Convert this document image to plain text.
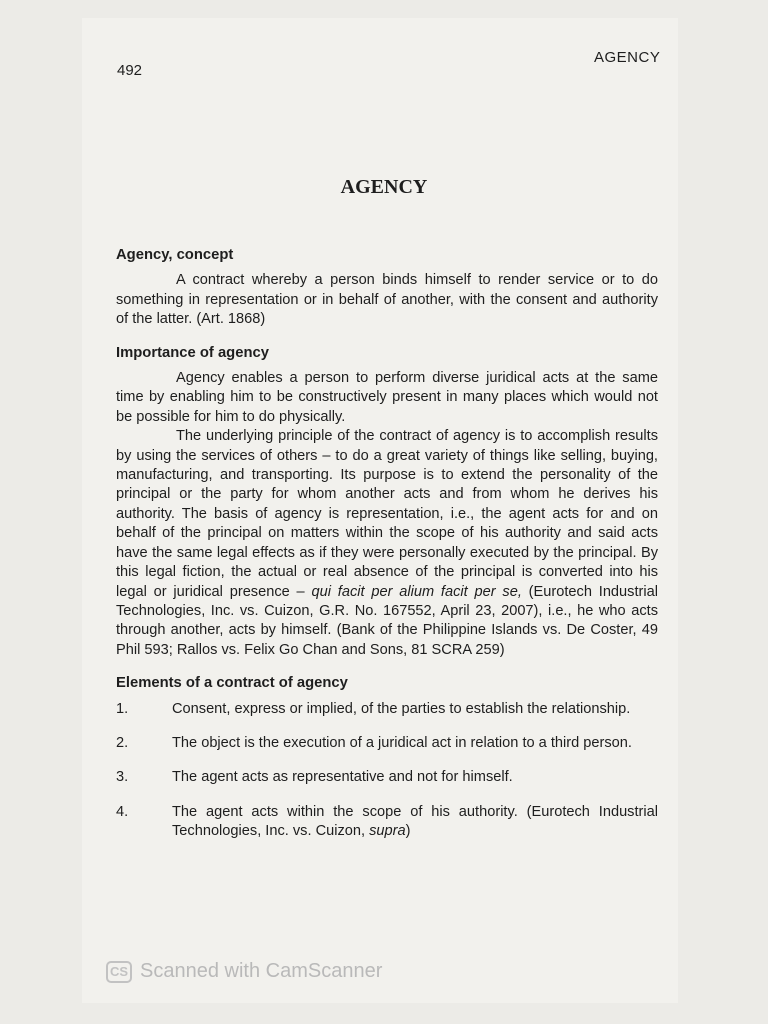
492
AGENCY
AGENCY
Agency, concept

A contract whereby a person binds himself to render service or to do something in representation or in behalf of another, with the consent and authority of the latter. (Art. 1868)

Importance of agency

Agency enables a person to perform diverse juridical acts at the same time by enabling him to be constructively present in many places which would not be possible for him to do physically.

The underlying principle of the contract of agency is to accomplish results by using the services of others – to do a great variety of things like selling, buying, manufacturing, and transporting. Its purpose is to extend the personality of the principal or the party for whom another acts and from whom he derives his authority. The basis of agency is representation, i.e., the agent acts for and on behalf of the principal on matters within the scope of his authority and said acts have the same legal effects as if they were personally executed by the principal. By this legal fiction, the actual or real absence of the principal is converted into his legal or juridical presence – qui facit per alium facit per se, (Eurotech Industrial Technologies, Inc. vs. Cuizon, G.R. No. 167552, April 23, 2007), i.e., he who acts through another, acts by himself. (Bank of the Philippine Islands vs. De Coster, 49 Phil 593; Rallos vs. Felix Go Chan and Sons, 81 SCRA 259)

Elements of a contract of agency
1.	Consent, express or implied, of the parties to establish the relationship.
2.	The object is the execution of a juridical act in relation to a third person.
3.	The agent acts as representative and not for himself.
4.	The agent acts within the scope of his authority. (Eurotech Industrial Technologies, Inc. vs. Cuizon, supra)
CS Scanned with CamScanner
